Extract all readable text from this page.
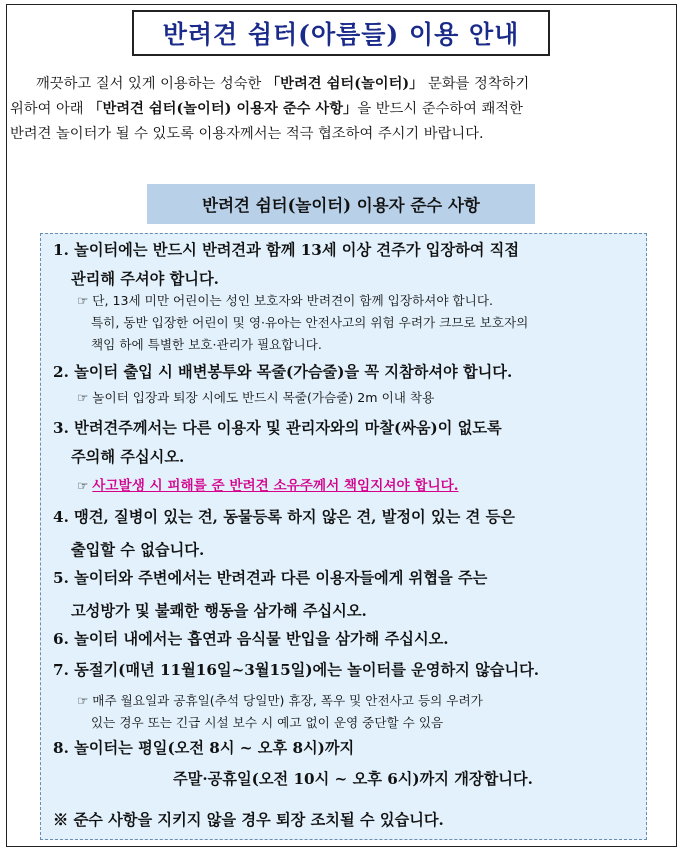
반려견 쉼터(아름들) 이용 안내

깨끗하고 질서 있게 이용하는 성숙한 「반려견 쉼터(놀이터)」 문화를 정착하기

위하여 아래 「반려견 쉼터(놀이터) 이용자 준수 사항」을 반드시 준수하여 쾌적한

반려견 놀이터가 될 수 있도록 이용자께서는 적극 협조하여 주시기 바랍니다.

반려견 쉼터(놀이터) 이용자 준수 사항
1. 놀이터에는 반드시 반려견과 함께 13세 이상 견주가 입장하여 직접
관리해 주셔야 합니다.
☞ 단, 13세 미만 어린이는 성인 보호자와 반려견이 함께 입장하셔야 합니다.
특히, 동반 입장한 어린이 및 영·유아는 안전사고의 위험 우려가 크므로 보호자의
책임 하에 특별한 보호·관리가 필요합니다.
2. 놀이터 출입 시 배변봉투와 목줄(가슴줄)을 꼭 지참하셔야 합니다.
☞ 놀이터 입장과 퇴장 시에도 반드시 목줄(가슴줄) 2m 이내 착용
3. 반려견주께서는 다른 이용자 및 관리자와의 마찰(싸움)이 없도록
주의해 주십시오.
☞ 사고발생 시 피해를 준 반려견 소유주께서 책임지셔야 합니다.
4. 맹견, 질병이 있는 견, 동물등록 하지 않은 견, 발정이 있는 견 등은
출입할 수 없습니다.
5. 놀이터와 주변에서는 반려견과 다른 이용자들에게 위협을 주는
고성방가 및 불쾌한 행동을 삼가해 주십시오.
6. 놀이터 내에서는 흡연과 음식물 반입을 삼가해 주십시오.
7. 동절기(매년 11월16일~3월15일)에는 놀이터를 운영하지 않습니다.
☞ 매주 월요일과 공휴일(추석 당일만) 휴장, 폭우 및 안전사고 등의 우려가
있는 경우 또는 긴급 시설 보수 시 예고 없이 운영 중단할 수 있음
8. 놀이터는 평일(오전 8시 ~ 오후 8시)까지
주말·공휴일(오전 10시 ~ 오후 6시)까지 개장합니다.
※ 준수 사항을 지키지 않을 경우 퇴장 조치될 수 있습니다.
